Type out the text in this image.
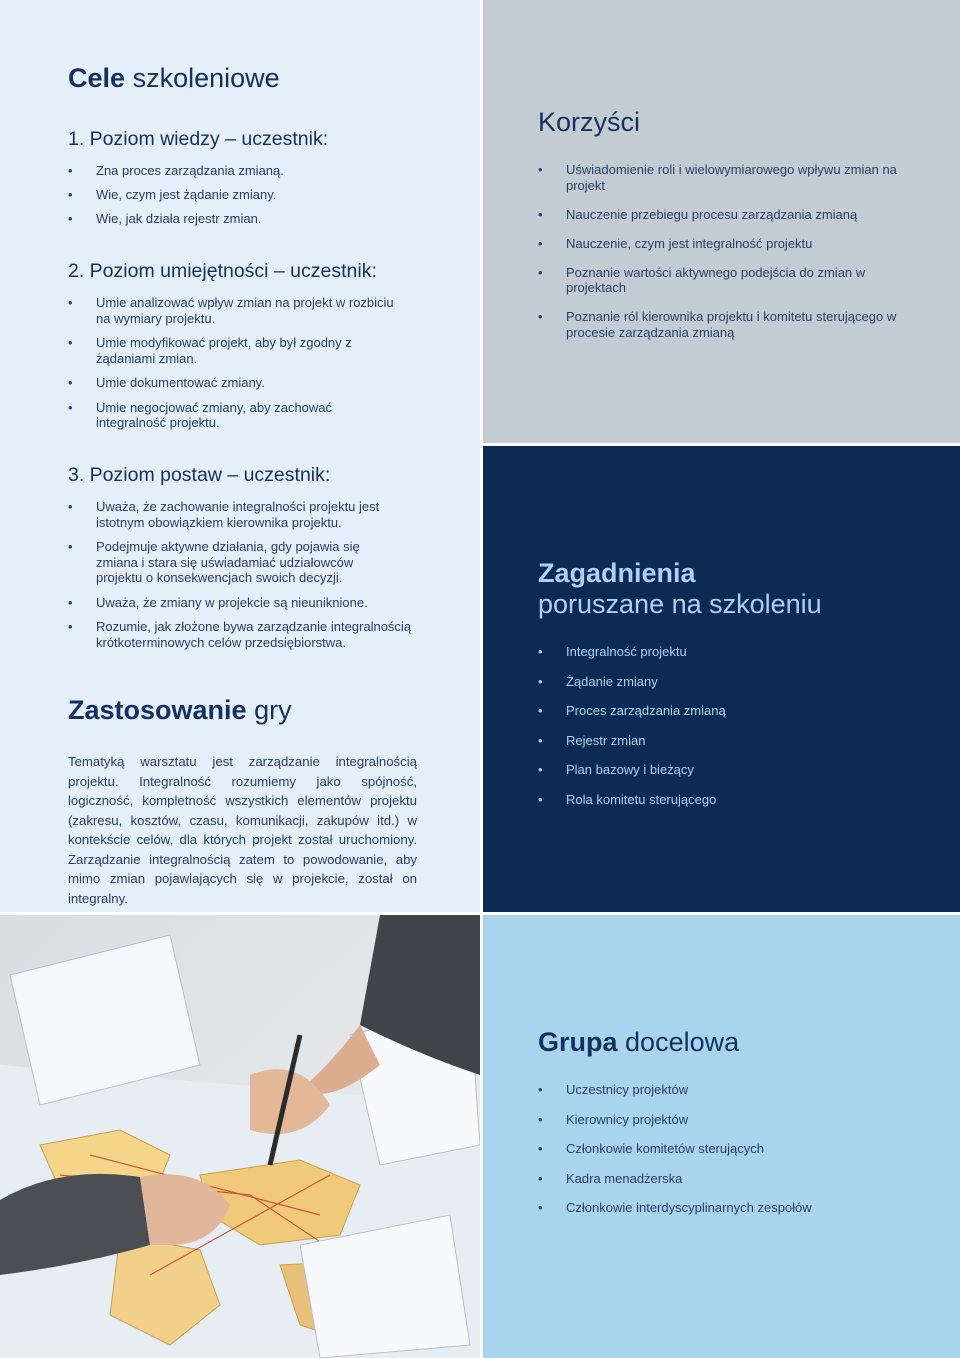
Cele szkoleniowe
1. Poziom wiedzy – uczestnik:
• Zna proces zarządzania zmianą.
• Wie, czym jest żądanie zmiany.
• Wie, jak działa rejestr zmian.
2. Poziom umiejętności – uczestnik:
• Umie analizować wpływ zmian na projekt w rozbiciu na wymiary projektu.
• Umie modyfikować projekt, aby był zgodny z żądaniami zmian.
• Umie dokumentować zmiany.
• Umie negocjować zmiany, aby zachować integralność projektu.
3. Poziom postaw – uczestnik:
• Uważa, że zachowanie integralności projektu jest istotnym obowiązkiem kierownika projektu.
• Podejmuje aktywne działania, gdy pojawia się zmiana i stara się uświadamiać udziałowców projektu o konsekwencjach swoich decyzji.
• Uważa, że zmiany w projekcie są nieuniknione.
• Rozumie, jak złożone bywa zarządzanie integralnością krótkoterminowych celów przedsiębiorstwa.
Zastosowanie gry

Tematyką warsztatu jest zarządzanie integralnością projektu. Integralność rozumiemy jako spójność, logiczność, kompletność wszystkich elementów projektu (zakresu, kosztów, czasu, komunikacji, zakupów itd.) w kontekście celów, dla których projekt został uruchomiony. Zarządzanie integralnością zatem to powodowanie, aby mimo zmian pojawiających się w projekcie, został on integralny.

Korzyści
• Uświadomienie roli i wielowymiarowego wpływu zmian na projekt
• Nauczenie przebiegu procesu zarządzania zmianą
• Nauczenie, czym jest integralność projektu
• Poznanie wartości aktywnego podejścia do zmian w projektach
• Poznanie ról kierownika projektu i komitetu sterującego w procesie zarządzania zmianą
Zagadnienia
poruszane na szkoleniu
• Integralność projektu
• Żądanie zmiany
• Proces zarządzania zmianą
• Rejestr zmian
• Plan bazowy i bieżący
• Rola komitetu sterującego
Grupa docelowa
• Uczestnicy projektów
• Kierownicy projektów
• Członkowie komitetów sterujących
• Kadra menadżerska
• Członkowie interdyscyplinarnych zespołów
